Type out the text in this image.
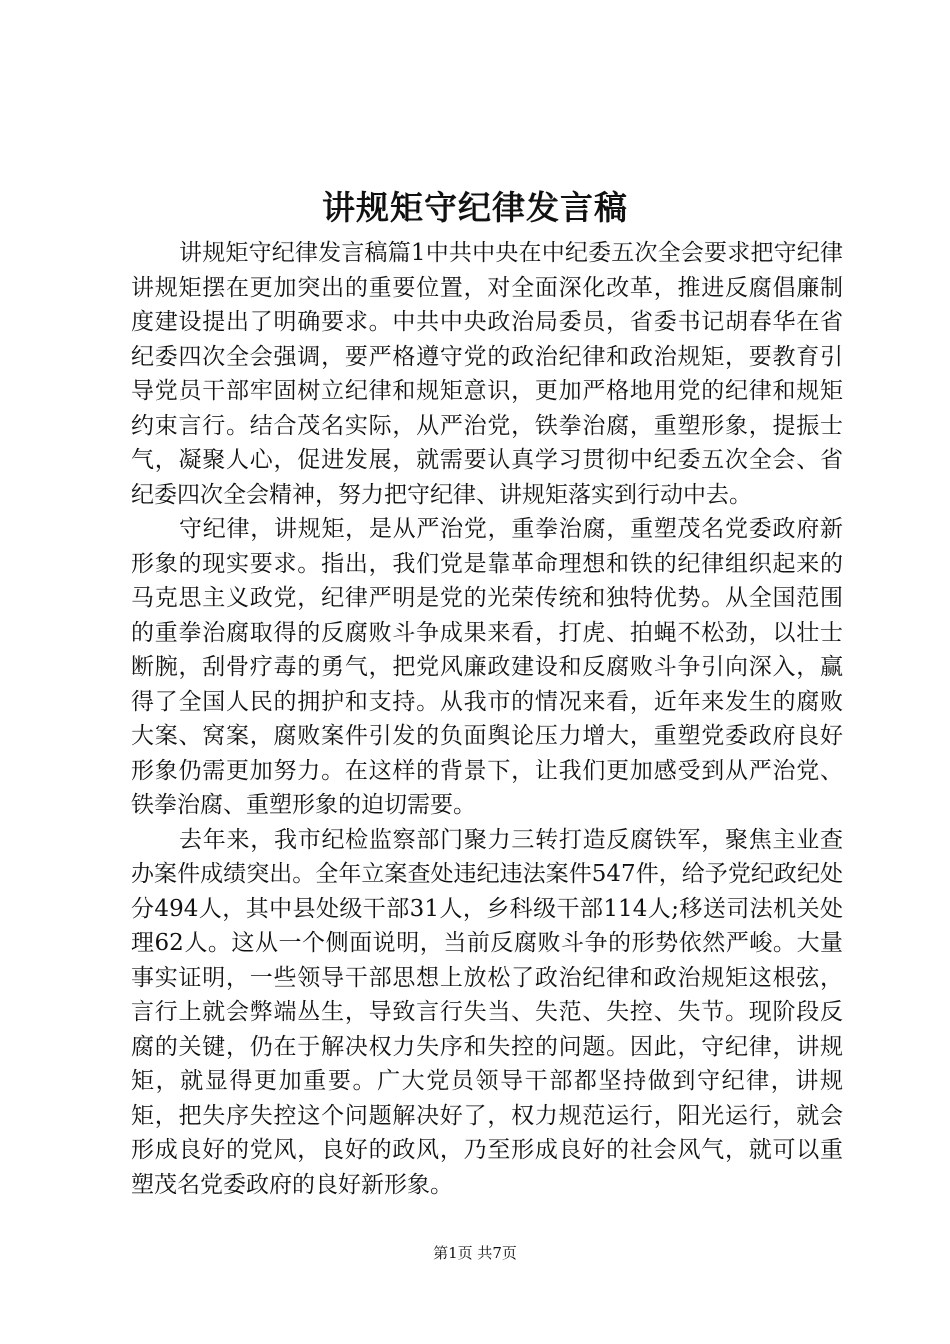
讲规矩守纪律发言稿

讲规矩守纪律发言稿篇1中共中央在中纪委五次全会要求把守纪律讲规矩摆在更加突出的重要位置，对全面深化改革，推进反腐倡廉制度建设提出了明确要求。中共中央政治局委员，省委书记胡春华在省纪委四次全会强调，要严格遵守党的政治纪律和政治规矩，要教育引导党员干部牢固树立纪律和规矩意识，更加严格地用党的纪律和规矩约束言行。结合茂名实际，从严治党，铁拳治腐，重塑形象，提振士气，凝聚人心，促进发展，就需要认真学习贯彻中纪委五次全会、省纪委四次全会精神，努力把守纪律、讲规矩落实到行动中去。

守纪律，讲规矩，是从严治党，重拳治腐，重塑茂名党委政府新形象的现实要求。指出，我们党是靠革命理想和铁的纪律组织起来的马克思主义政党，纪律严明是党的光荣传统和独特优势。从全国范围的重拳治腐取得的反腐败斗争成果来看，打虎、拍蝇不松劲，以壮士断腕，刮骨疗毒的勇气，把党风廉政建设和反腐败斗争引向深入，赢得了全国人民的拥护和支持。从我市的情况来看，近年来发生的腐败大案、窝案，腐败案件引发的负面舆论压力增大，重塑党委政府良好形象仍需更加努力。在这样的背景下，让我们更加感受到从严治党、铁拳治腐、重塑形象的迫切需要。

去年来，我市纪检监察部门聚力三转打造反腐铁军，聚焦主业查办案件成绩突出。全年立案查处违纪违法案件547件，给予党纪政纪处分494人，其中县处级干部31人，乡科级干部114人;移送司法机关处理62人。这从一个侧面说明，当前反腐败斗争的形势依然严峻。大量事实证明，一些领导干部思想上放松了政治纪律和政治规矩这根弦，言行上就会弊端丛生，导致言行失当、失范、失控、失节。现阶段反腐的关键，仍在于解决权力失序和失控的问题。因此，守纪律，讲规矩，就显得更加重要。广大党员领导干部都坚持做到守纪律，讲规矩，把失序失控这个问题解决好了，权力规范运行，阳光运行，就会形成良好的党风，良好的政风，乃至形成良好的社会风气，就可以重塑茂名党委政府的良好新形象。

第1页 共7页
